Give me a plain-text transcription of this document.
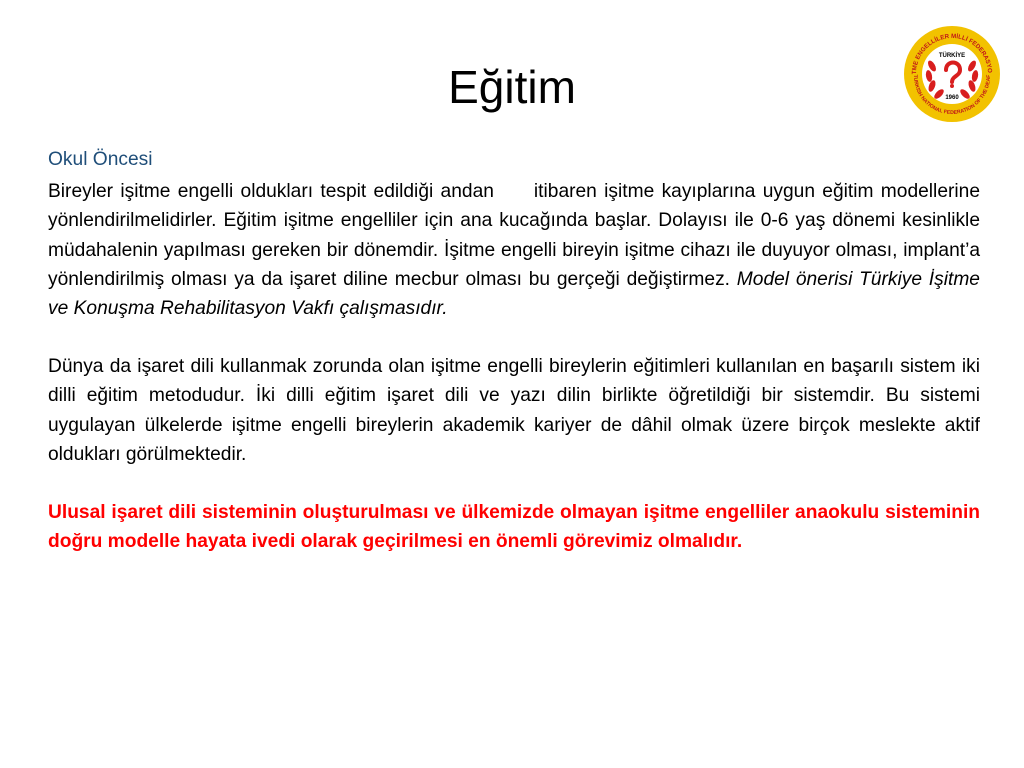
Eğitim	TME ENGELLİLER MİLLİ FEDERASYO
TURKISH NATIONAL FEDERATION OF THE DEAF
TÜRKİYE
1960

Okul Öncesi

Bireyler işitme engelli oldukları tespit edildiği andan itibaren işitme kayıplarına uygun eğitim modellerine yönlendirilmelidirler. Eğitim işitme engelliler için ana kucağında başlar. Dolayısı ile 0-6 yaş dönemi kesinlikle müdahalenin yapılması gereken bir dönemdir. İşitme engelli bireyin işitme cihazı ile duyuyor olması, implant’a yönlendirilmiş olması ya da işaret diline mecbur olması bu gerçeği değiştirmez. Model önerisi Türkiye İşitme ve Konuşma Rehabilitasyon Vakfı çalışmasıdır.

Dünya da işaret dili kullanmak zorunda olan işitme engelli bireylerin eğitimleri kullanılan en başarılı sistem iki dilli eğitim metodudur. İki dilli eğitim işaret dili ve yazı dilin birlikte öğretildiği bir sistemdir. Bu sistemi uygulayan ülkelerde işitme engelli bireylerin akademik kariyer de dâhil olmak üzere birçok meslekte aktif oldukları görülmektedir.

Ulusal işaret dili sisteminin oluşturulması ve ülkemizde olmayan işitme engelliler anaokulu sisteminin doğru modelle hayata ivedi olarak geçirilmesi en önemli görevimiz olmalıdır.
